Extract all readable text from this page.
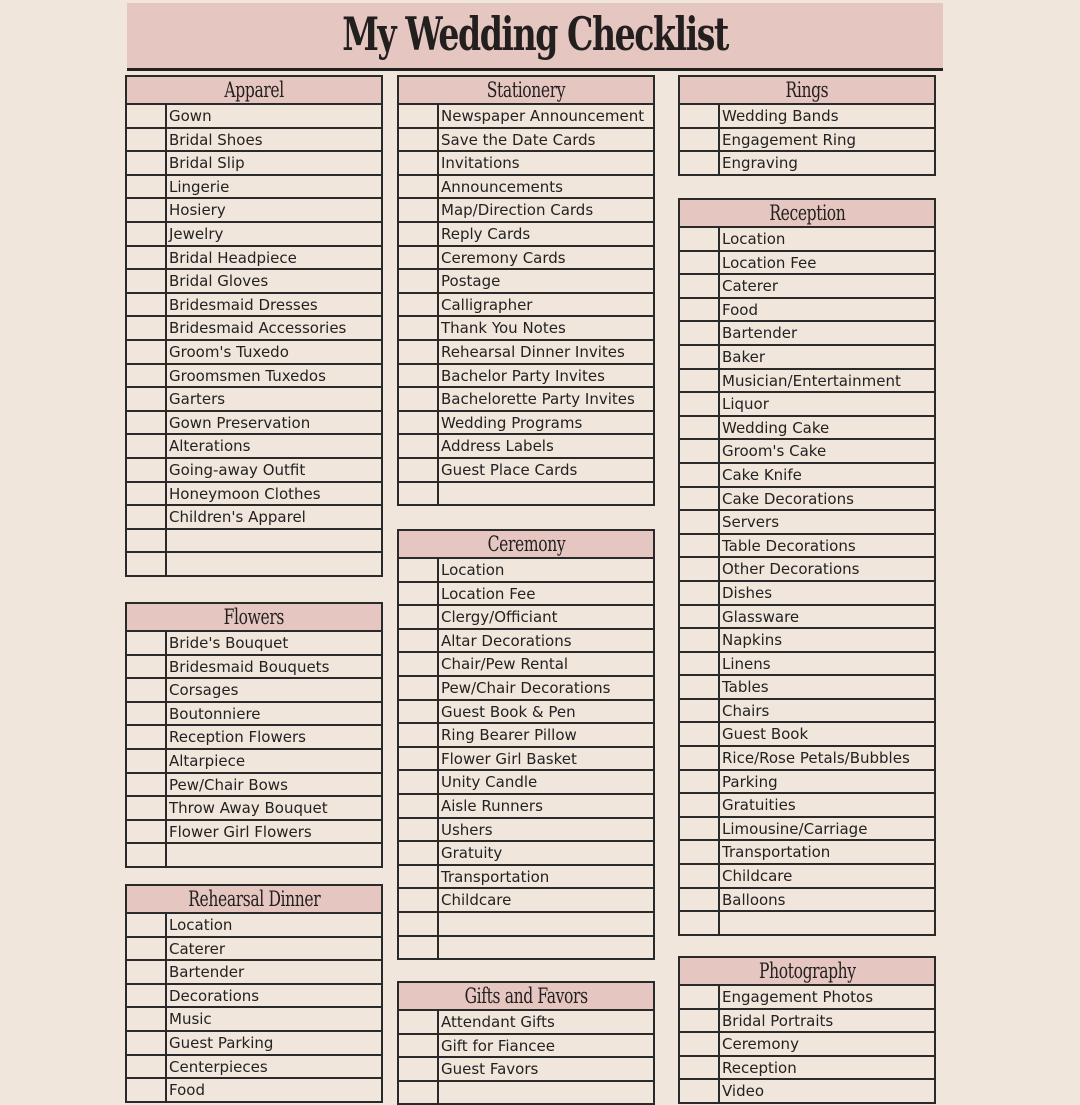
My Wedding Checklist
Apparel
Gown
Bridal Shoes
Bridal Slip
Lingerie
Hosiery
Jewelry
Bridal Headpiece
Bridal Gloves
Bridesmaid Dresses
Bridesmaid Accessories
Groom's Tuxedo
Groomsmen Tuxedos
Garters
Gown Preservation
Alterations
Going-away Outfit
Honeymoon Clothes
Children's Apparel
Flowers
Bride's Bouquet
Bridesmaid Bouquets
Corsages
Boutonniere
Reception Flowers
Altarpiece
Pew/Chair Bows
Throw Away Bouquet
Flower Girl Flowers
Rehearsal Dinner
Location
Caterer
Bartender
Decorations
Music
Guest Parking
Centerpieces
Food
Stationery
Newspaper Announcement
Save the Date Cards
Invitations
Announcements
Map/Direction Cards
Reply Cards
Ceremony Cards
Postage
Calligrapher
Thank You Notes
Rehearsal Dinner Invites
Bachelor Party Invites
Bachelorette Party Invites
Wedding Programs
Address Labels
Guest Place Cards
Ceremony
Location
Location Fee
Clergy/Officiant
Altar Decorations
Chair/Pew Rental
Pew/Chair Decorations
Guest Book & Pen
Ring Bearer Pillow
Flower Girl Basket
Unity Candle
Aisle Runners
Ushers
Gratuity
Transportation
Childcare
Gifts and Favors
Attendant Gifts
Gift for Fiancee
Guest Favors
Rings
Wedding Bands
Engagement Ring
Engraving
Reception
Location
Location Fee
Caterer
Food
Bartender
Baker
Musician/Entertainment
Liquor
Wedding Cake
Groom's Cake
Cake Knife
Cake Decorations
Servers
Table Decorations
Other Decorations
Dishes
Glassware
Napkins
Linens
Tables
Chairs
Guest Book
Rice/Rose Petals/Bubbles
Parking
Gratuities
Limousine/Carriage
Transportation
Childcare
Balloons
Photography
Engagement Photos
Bridal Portraits
Ceremony
Reception
Video
